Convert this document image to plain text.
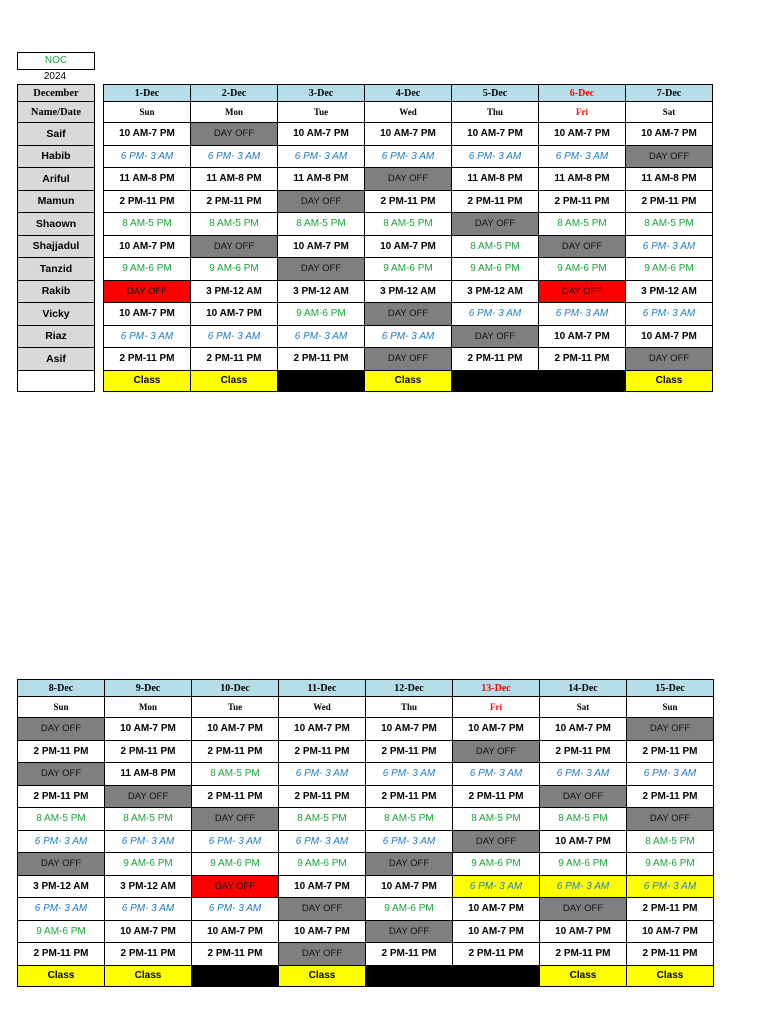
NOC
2024
December		1-Dec	2-Dec	3-Dec	4-Dec	5-Dec	6-Dec	7-Dec
Name/Date		Sun	Mon	Tue	Wed	Thu	Fri	Sat
Saif		10 AM-7 PM	DAY OFF	10 AM-7 PM	10 AM-7 PM	10 AM-7 PM	10 AM-7 PM	10 AM-7 PM
Habib		6 PM- 3 AM	6 PM- 3 AM	6 PM- 3 AM	6 PM- 3 AM	6 PM- 3 AM	6 PM- 3 AM	DAY OFF
Ariful		11 AM-8 PM	11 AM-8 PM	11 AM-8 PM	DAY OFF	11 AM-8 PM	11 AM-8 PM	11 AM-8 PM
Mamun		2 PM-11 PM	2 PM-11 PM	DAY OFF	2 PM-11 PM	2 PM-11 PM	2 PM-11 PM	2 PM-11 PM
Shaown		8 AM-5 PM	8 AM-5 PM	8 AM-5 PM	8 AM-5 PM	DAY OFF	8 AM-5 PM	8 AM-5 PM
Shajjadul		10 AM-7 PM	DAY OFF	10 AM-7 PM	10 AM-7 PM	8 AM-5 PM	DAY OFF	6 PM- 3 AM
Tanzid		9 AM-6 PM	9 AM-6 PM	DAY OFF	9 AM-6 PM	9 AM-6 PM	9 AM-6 PM	9 AM-6 PM
Rakib		DAY OFF	3 PM-12 AM	3 PM-12 AM	3 PM-12 AM	3 PM-12 AM	DAY OFF	3 PM-12 AM
Vicky		10 AM-7 PM	10 AM-7 PM	9 AM-6 PM	DAY OFF	6 PM- 3 AM	6 PM- 3 AM	6 PM- 3 AM
Riaz		6 PM- 3 AM	6 PM- 3 AM	6 PM- 3 AM	6 PM- 3 AM	DAY OFF	10 AM-7 PM	10 AM-7 PM
Asif		2 PM-11 PM	2 PM-11 PM	2 PM-11 PM	DAY OFF	2 PM-11 PM	2 PM-11 PM	DAY OFF
		Class	Class		Class			Class
8-Dec	9-Dec	10-Dec	11-Dec	12-Dec	13-Dec	14-Dec	15-Dec
Sun	Mon	Tue	Wed	Thu	Fri	Sat	Sun
DAY OFF	10 AM-7 PM	10 AM-7 PM	10 AM-7 PM	10 AM-7 PM	10 AM-7 PM	10 AM-7 PM	DAY OFF
2 PM-11 PM	2 PM-11 PM	2 PM-11 PM	2 PM-11 PM	2 PM-11 PM	DAY OFF	2 PM-11 PM	2 PM-11 PM
DAY OFF	11 AM-8 PM	8 AM-5 PM	6 PM- 3 AM	6 PM- 3 AM	6 PM- 3 AM	6 PM- 3 AM	6 PM- 3 AM
2 PM-11 PM	DAY OFF	2 PM-11 PM	2 PM-11 PM	2 PM-11 PM	2 PM-11 PM	DAY OFF	2 PM-11 PM
8 AM-5 PM	8 AM-5 PM	DAY OFF	8 AM-5 PM	8 AM-5 PM	8 AM-5 PM	8 AM-5 PM	DAY OFF
6 PM- 3 AM	6 PM- 3 AM	6 PM- 3 AM	6 PM- 3 AM	6 PM- 3 AM	DAY OFF	10 AM-7 PM	8 AM-5 PM
DAY OFF	9 AM-6 PM	9 AM-6 PM	9 AM-6 PM	DAY OFF	9 AM-6 PM	9 AM-6 PM	9 AM-6 PM
3 PM-12 AM	3 PM-12 AM	DAY OFF	10 AM-7 PM	10 AM-7 PM	6 PM- 3 AM	6 PM- 3 AM	6 PM- 3 AM
6 PM- 3 AM	6 PM- 3 AM	6 PM- 3 AM	DAY OFF	9 AM-6 PM	10 AM-7 PM	DAY OFF	2 PM-11 PM
9 AM-6 PM	10 AM-7 PM	10 AM-7 PM	10 AM-7 PM	DAY OFF	10 AM-7 PM	10 AM-7 PM	10 AM-7 PM
2 PM-11 PM	2 PM-11 PM	2 PM-11 PM	DAY OFF	2 PM-11 PM	2 PM-11 PM	2 PM-11 PM	2 PM-11 PM
Class	Class		Class			Class	Class
